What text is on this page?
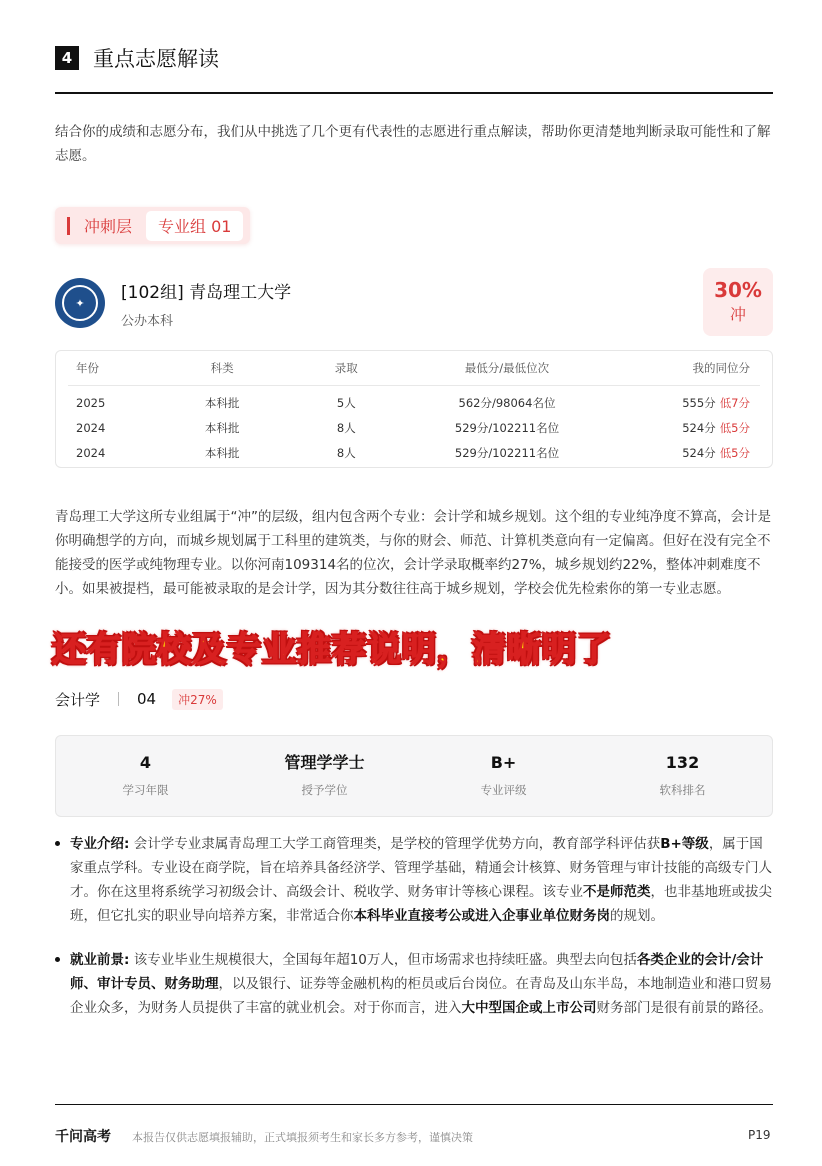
4 重点志愿解读
结合你的成绩和志愿分布，我们从中挑选了几个更有代表性的志愿进行重点解读，帮助你更清楚地判断录取可能性和了解志愿。
冲刺层	专业组 01
✦	[102组] 青岛理工大学
公办本科
30%
冲
年份	科类	录取	最低分/最低位次	我的同位分
2025	本科批	5人	562分/98064名位	555分 低7分
2024	本科批	8人	529分/102211名位	524分 低5分
2024	本科批	8人	529分/102211名位	524分 低5分
青岛理工大学这所专业组属于“冲”的层级，组内包含两个专业：会计学和城乡规划。这个组的专业纯净度不算高，会计是你明确想学的方向，而城乡规划属于工科里的建筑类，与你的财会、师范、计算机类意向有一定偏离。但好在没有完全不能接受的医学或纯物理专业。以你河南109314名的位次，会计学录取概率约27%，城乡规划约22%，整体冲刺难度不小。如果被提档，最可能被录取的是会计学，因为其分数往往高于城乡规划，学校会优先检索你的第一专业志愿。
还有院校及专业推荐说明，清晰明了
会计学 04	冲27%
4
学习年限
管理学学士
授予学位
B+
专业评级
132
软科排名
专业介绍: 会计学专业隶属青岛理工大学工商管理类，是学校的管理学优势方向，教育部学科评估获B+等级，属于国家重点学科。专业设在商学院，旨在培养具备经济学、管理学基础，精通会计核算、财务管理与审计技能的高级专门人才。你在这里将系统学习初级会计、高级会计、税收学、财务审计等核心课程。该专业不是师范类，也非基地班或拔尖班，但它扎实的职业导向培养方案，非常适合你本科毕业直接考公或进入企事业单位财务岗的规划。
就业前景: 该专业毕业生规模很大，全国每年超10万人，但市场需求也持续旺盛。典型去向包括各类企业的会计/会计师、审计专员、财务助理，以及银行、证券等金融机构的柜员或后台岗位。在青岛及山东半岛，本地制造业和港口贸易企业众多，为财务人员提供了丰富的就业机会。对于你而言，进入大中型国企或上市公司财务部门是很有前景的路径。
千问高考 本报告仅供志愿填报辅助，正式填报须考生和家长多方参考，谨慎决策	P19
